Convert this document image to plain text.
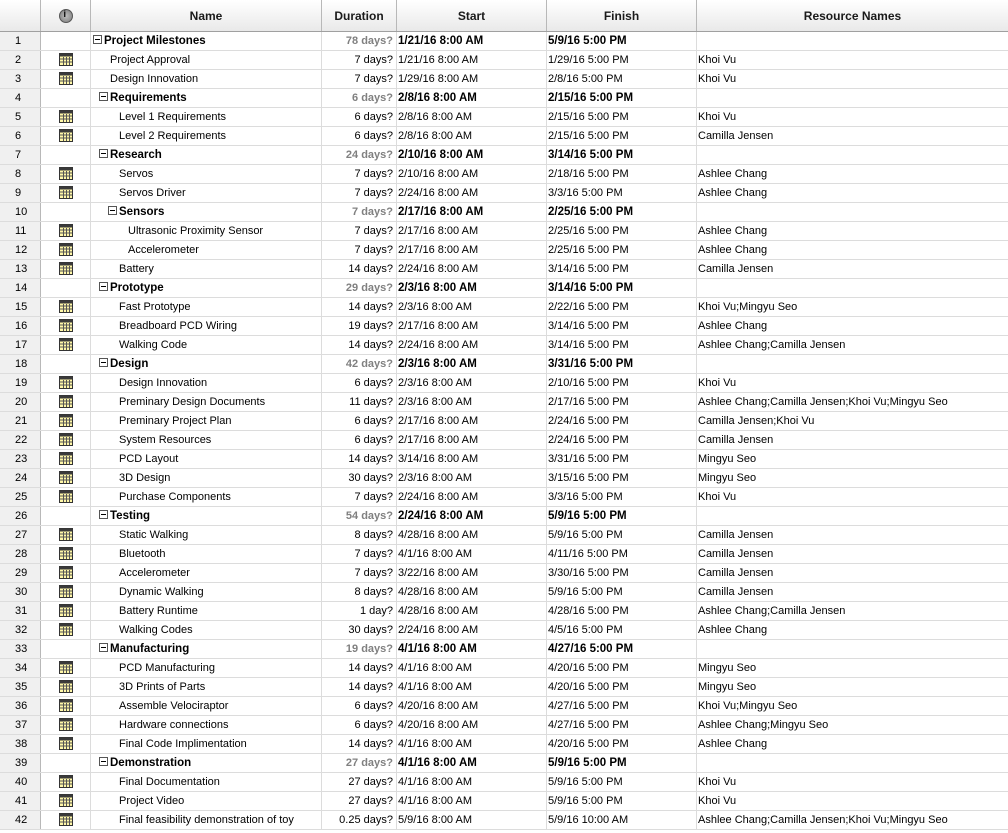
i
Name	Duration	Start	Finish	Resource Names
1	Project Milestones	78 days? 1/21/16 8:00 AM	5/9/16 5:00 PM
2	Project Approval	7 days? 1/21/16 8:00 AM	1/29/16 5:00 PM	Khoi Vu
3	Design Innovation	7 days? 1/29/16 8:00 AM	2/8/16 5:00 PM	Khoi Vu
4	Requirements	6 days? 2/8/16 8:00 AM	2/15/16 5:00 PM
5	Level 1 Requirements	6 days? 2/8/16 8:00 AM	2/15/16 5:00 PM	Khoi Vu
6	Level 2 Requirements	6 days? 2/8/16 8:00 AM	2/15/16 5:00 PM	Camilla Jensen
7	Research	24 days? 2/10/16 8:00 AM	3/14/16 5:00 PM
8	Servos	7 days? 2/10/16 8:00 AM	2/18/16 5:00 PM	Ashlee Chang
9	Servos Driver	7 days? 2/24/16 8:00 AM	3/3/16 5:00 PM	Ashlee Chang
10	Sensors	7 days? 2/17/16 8:00 AM	2/25/16 5:00 PM
11	Ultrasonic Proximity Sensor	7 days? 2/17/16 8:00 AM	2/25/16 5:00 PM	Ashlee Chang
12	Accelerometer	7 days? 2/17/16 8:00 AM	2/25/16 5:00 PM	Ashlee Chang
13	Battery	14 days? 2/24/16 8:00 AM	3/14/16 5:00 PM	Camilla Jensen
14	Prototype	29 days? 2/3/16 8:00 AM	3/14/16 5:00 PM
15	Fast Prototype	14 days? 2/3/16 8:00 AM	2/22/16 5:00 PM	Khoi Vu;Mingyu Seo
16	Breadboard PCD Wiring	19 days? 2/17/16 8:00 AM	3/14/16 5:00 PM	Ashlee Chang
17	Walking Code	14 days? 2/24/16 8:00 AM	3/14/16 5:00 PM	Ashlee Chang;Camilla Jensen
18	Design	42 days? 2/3/16 8:00 AM	3/31/16 5:00 PM
19	Design Innovation	6 days? 2/3/16 8:00 AM	2/10/16 5:00 PM	Khoi Vu
20	Preminary Design Documents	11 days? 2/3/16 8:00 AM	2/17/16 5:00 PM	Ashlee Chang;Camilla Jensen;Khoi Vu;Mingyu Seo
21	Preminary Project Plan	6 days? 2/17/16 8:00 AM	2/24/16 5:00 PM	Camilla Jensen;Khoi Vu
22	System Resources	6 days? 2/17/16 8:00 AM	2/24/16 5:00 PM	Camilla Jensen
23	PCD Layout	14 days? 3/14/16 8:00 AM	3/31/16 5:00 PM	Mingyu Seo
24	3D Design	30 days? 2/3/16 8:00 AM	3/15/16 5:00 PM	Mingyu Seo
25	Purchase Components	7 days? 2/24/16 8:00 AM	3/3/16 5:00 PM	Khoi Vu
26	Testing	54 days? 2/24/16 8:00 AM	5/9/16 5:00 PM
27	Static Walking	8 days? 4/28/16 8:00 AM	5/9/16 5:00 PM	Camilla Jensen
28	Bluetooth	7 days? 4/1/16 8:00 AM	4/11/16 5:00 PM	Camilla Jensen
29	Accelerometer	7 days? 3/22/16 8:00 AM	3/30/16 5:00 PM	Camilla Jensen
30	Dynamic Walking	8 days? 4/28/16 8:00 AM	5/9/16 5:00 PM	Camilla Jensen
31	Battery Runtime	1 day? 4/28/16 8:00 AM	4/28/16 5:00 PM	Ashlee Chang;Camilla Jensen
32	Walking Codes	30 days? 2/24/16 8:00 AM	4/5/16 5:00 PM	Ashlee Chang
33	Manufacturing	19 days? 4/1/16 8:00 AM	4/27/16 5:00 PM
34	PCD Manufacturing	14 days? 4/1/16 8:00 AM	4/20/16 5:00 PM	Mingyu Seo
35	3D Prints of Parts	14 days? 4/1/16 8:00 AM	4/20/16 5:00 PM	Mingyu Seo
36	Assemble Velociraptor	6 days? 4/20/16 8:00 AM	4/27/16 5:00 PM	Khoi Vu;Mingyu Seo
37	Hardware connections	6 days? 4/20/16 8:00 AM	4/27/16 5:00 PM	Ashlee Chang;Mingyu Seo
38	Final Code Implimentation	14 days? 4/1/16 8:00 AM	4/20/16 5:00 PM	Ashlee Chang
39	Demonstration	27 days? 4/1/16 8:00 AM	5/9/16 5:00 PM
40	Final Documentation	27 days? 4/1/16 8:00 AM	5/9/16 5:00 PM	Khoi Vu
41	Project Video	27 days? 4/1/16 8:00 AM	5/9/16 5:00 PM	Khoi Vu
42	Final feasibility demonstration of toy	0.25 days? 5/9/16 8:00 AM	5/9/16 10:00 AM	Ashlee Chang;Camilla Jensen;Khoi Vu;Mingyu Seo
